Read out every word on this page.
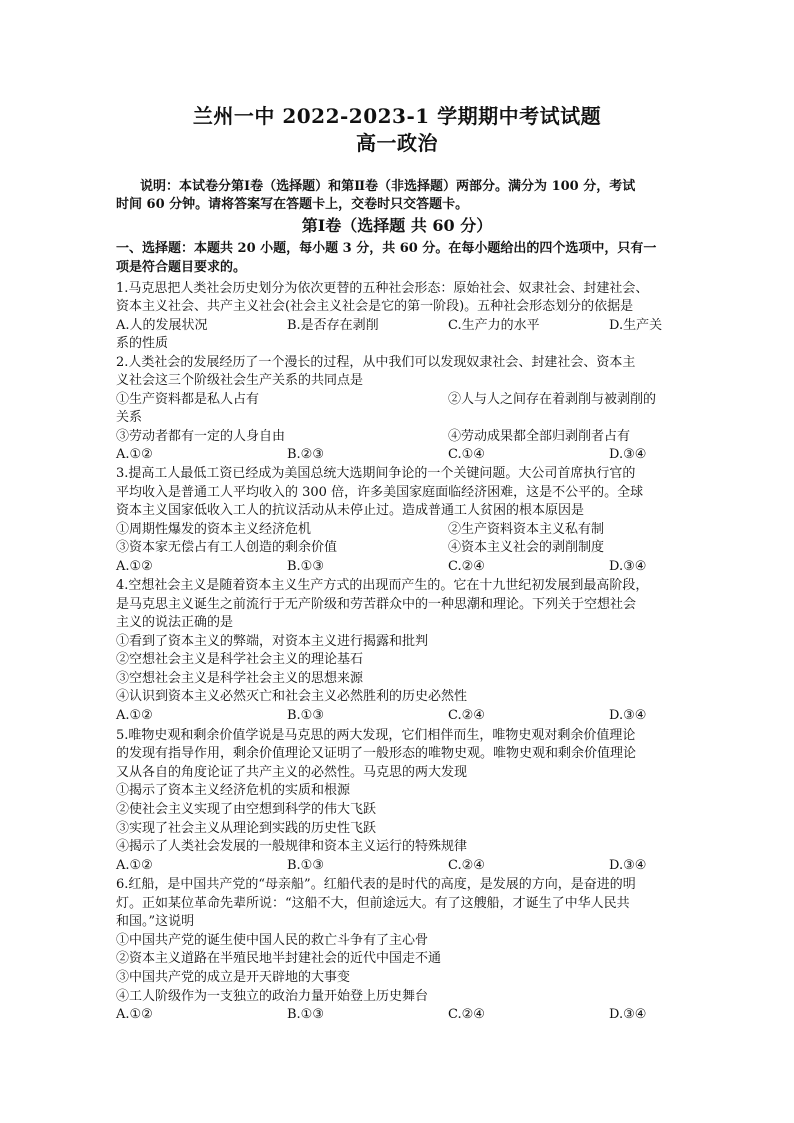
兰州一中 2022-2023-1 学期期中考试试题
高一政治
说明：本试卷分第Ⅰ卷（选择题）和第Ⅱ卷（非选择题）两部分。满分为 100 分，考试
时间 60 分钟。请将答案写在答题卡上，交卷时只交答题卡。
第Ⅰ卷（选择题 共 60 分）
一、选择题：本题共 20 小题，每小题 3 分，共 60 分。在每小题给出的四个选项中，只有一
项是符合题目要求的。
1.马克思把人类社会历史划分为依次更替的五种社会形态：原始社会、奴隶社会、封建社会、
资本主义社会、共产主义社会(社会主义社会是它的第一阶段)。五种社会形态划分的依据是
A.人的发展状况	B.是否存在剥削	C.生产力的水平	D.生产关
系的性质
2.人类社会的发展经历了一个漫长的过程，从中我们可以发现奴隶社会、封建社会、资本主
义社会这三个阶级社会生产关系的共同点是
①生产资料都是私人占有	②人与人之间存在着剥削与被剥削的
关系
③劳动者都有一定的人身自由	④劳动成果都全部归剥削者占有
A.①②	B.②③	C.①④	D.③④
3.提高工人最低工资已经成为美国总统大选期间争论的一个关键问题。大公司首席执行官的
平均收入是普通工人平均收入的 300 倍，许多美国家庭面临经济困难，这是不公平的。全球
资本主义国家低收入工人的抗议活动从未停止过。造成普通工人贫困的根本原因是
①周期性爆发的资本主义经济危机	②生产资料资本主义私有制
③资本家无偿占有工人创造的剩余价值	④资本主义社会的剥削制度
A.①②	B.①③	C.②④	D.③④
4.空想社会主义是随着资本主义生产方式的出现而产生的。它在十九世纪初发展到最高阶段，
是马克思主义诞生之前流行于无产阶级和劳苦群众中的一种思潮和理论。下列关于空想社会
主义的说法正确的是
①看到了资本主义的弊端，对资本主义进行揭露和批判
②空想社会主义是科学社会主义的理论基石
③空想社会主义是科学社会主义的思想来源
④认识到资本主义必然灭亡和社会主义必然胜利的历史必然性
A.①②	B.①③	C.②④	D.③④
5.唯物史观和剩余价值学说是马克思的两大发现，它们相伴而生，唯物史观对剩余价值理论
的发现有指导作用，剩余价值理论又证明了一般形态的唯物史观。唯物史观和剩余价值理论
又从各自的角度论证了共产主义的必然性。马克思的两大发现
①揭示了资本主义经济危机的实质和根源
②使社会主义实现了由空想到科学的伟大飞跃
③实现了社会主义从理论到实践的历史性飞跃
④揭示了人类社会发展的一般规律和资本主义运行的特殊规律
A.①②	B.①③	C.②④	D.③④
6.红船，是中国共产党的“母亲船”。红船代表的是时代的高度，是发展的方向，是奋进的明
灯。正如某位革命先辈所说：“这船不大，但前途远大。有了这艘船，才诞生了中华人民共
和国。”这说明
①中国共产党的诞生使中国人民的救亡斗争有了主心骨
②资本主义道路在半殖民地半封建社会的近代中国走不通
③中国共产党的成立是开天辟地的大事变
④工人阶级作为一支独立的政治力量开始登上历史舞台
A.①②	B.①③	C.②④	D.③④
